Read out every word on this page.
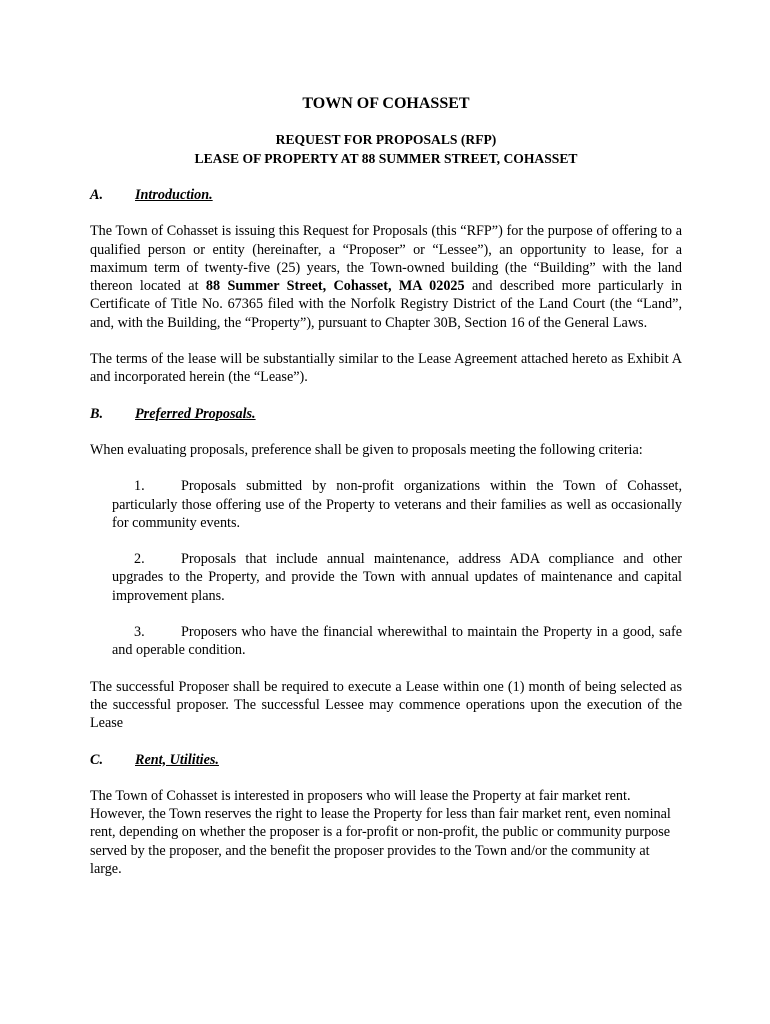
TOWN OF COHASSET
REQUEST FOR PROPOSALS (RFP)
LEASE OF PROPERTY AT 88 SUMMER STREET, COHASSET
A.	Introduction.
The Town of Cohasset is issuing this Request for Proposals (this “RFP”) for the purpose of offering to a qualified person or entity (hereinafter, a “Proposer” or “Lessee”), an opportunity to lease, for a maximum term of twenty-five (25) years, the Town-owned building (the “Building” with the land thereon located at 88 Summer Street, Cohasset, MA 02025 and described more particularly in Certificate of Title No. 67365 filed with the Norfolk Registry District of the Land Court (the “Land”, and, with the Building, the “Property”), pursuant to Chapter 30B, Section 16 of the General Laws.
The terms of the lease will be substantially similar to the Lease Agreement attached hereto as Exhibit A and incorporated herein (the “Lease”).
B.	Preferred Proposals.
When evaluating proposals, preference shall be given to proposals meeting the following criteria:
1.	Proposals submitted by non-profit organizations within the Town of Cohasset, particularly those offering use of the Property to veterans and their families as well as occasionally for community events.
2.	Proposals that include annual maintenance, address ADA compliance and other upgrades to the Property, and provide the Town with annual updates of maintenance and capital improvement plans.
3.	Proposers who have the financial wherewithal to maintain the Property in a good, safe and operable condition.
The successful Proposer shall be required to execute a Lease within one (1) month of being selected as the successful proposer. The successful Lessee may commence operations upon the execution of the Lease
C.	Rent, Utilities.
The Town of Cohasset is interested in proposers who will lease the Property at fair market rent. However, the Town reserves the right to lease the Property for less than fair market rent, even nominal rent, depending on whether the proposer is a for-profit or non-profit, the public or community purpose served by the proposer, and the benefit the proposer provides to the Town and/or the community at large.
